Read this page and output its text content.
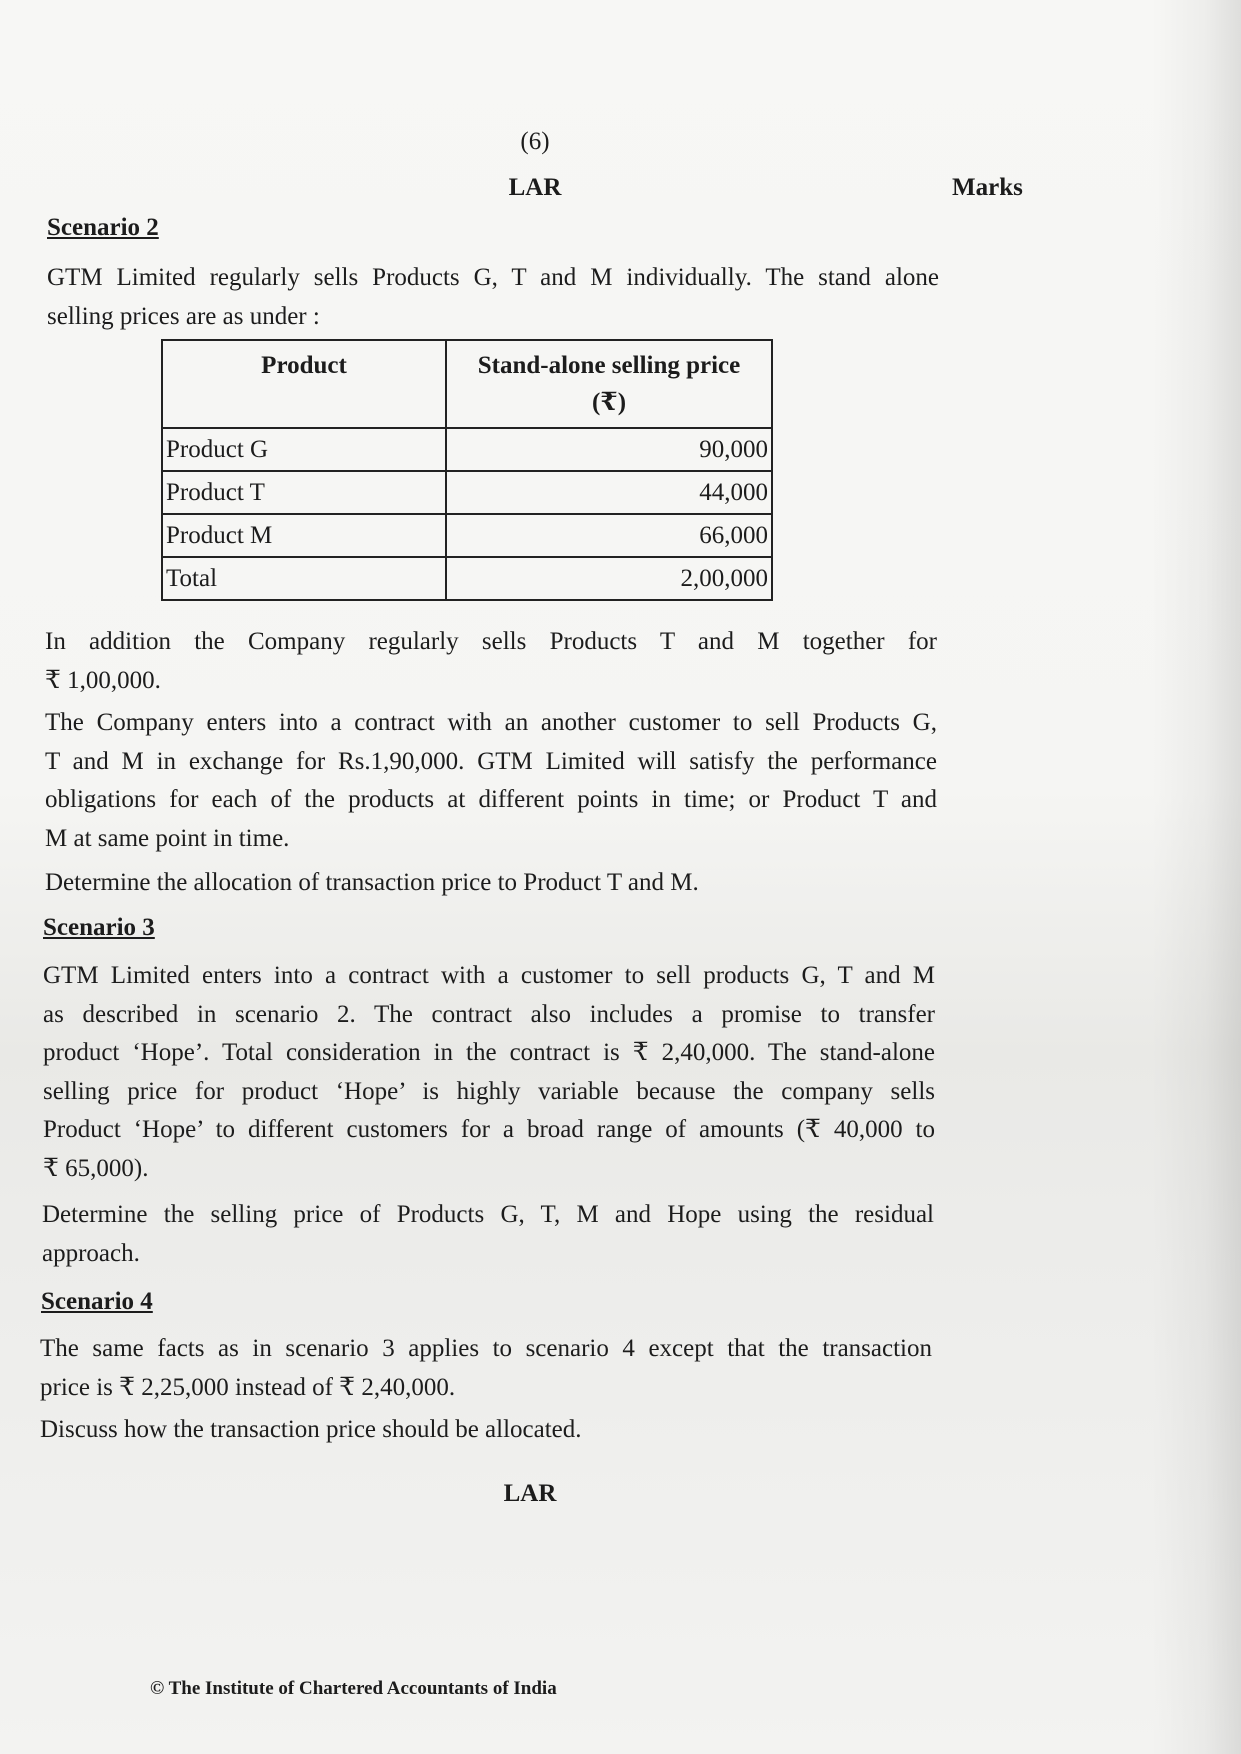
(6)
LAR	Marks
Scenario 2
GTM Limited regularly sells Products G, T and M individually. The stand alone
selling prices are as under :
Product	Stand-alone selling price
(₹)
Product G	90,000
Product T	44,000
Product M	66,000
Total	2,00,000
In addition the Company regularly sells Products T and M together for
₹ 1,00,000.
The Company enters into a contract with an another customer to sell Products G,
T and M in exchange for Rs.1,90,000. GTM Limited will satisfy the performance
obligations for each of the products at different points in time; or Product T and
M at same point in time.
Determine the allocation of transaction price to Product T and M.
Scenario 3
GTM Limited enters into a contract with a customer to sell products G, T and M
as described in scenario 2. The contract also includes a promise to transfer
product ‘Hope’. Total consideration in the contract is ₹ 2,40,000. The stand-alone
selling price for product ‘Hope’ is highly variable because the company sells
Product ‘Hope’ to different customers for a broad range of amounts (₹ 40,000 to
₹ 65,000).
Determine the selling price of Products G, T, M and Hope using the residual
approach.
Scenario 4
The same facts as in scenario 3 applies to scenario 4 except that the transaction
price is ₹ 2,25,000 instead of ₹ 2,40,000.
Discuss how the transaction price should be allocated.
LAR
© The Institute of Chartered Accountants of India
